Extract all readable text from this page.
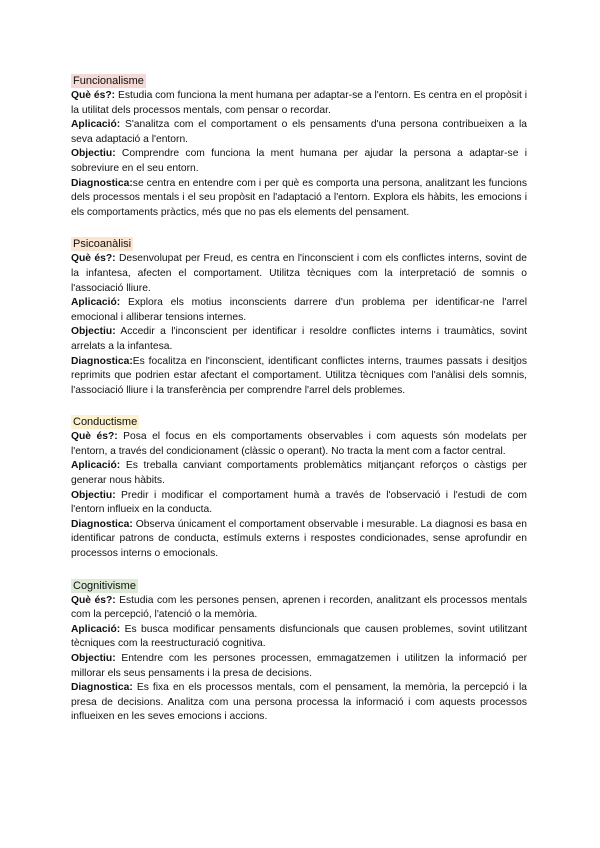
Funcionalisme

Què és?: Estudia com funciona la ment humana per adaptar-se a l'entorn. Es centra en el propòsit i la utilitat dels processos mentals, com pensar o recordar.

Aplicació: S'analitza com el comportament o els pensaments d'una persona contribueixen a la seva adaptació a l'entorn.

Objectiu: Comprendre com funciona la ment humana per ajudar la persona a adaptar-se i sobreviure en el seu entorn.

Diagnostica:se centra en entendre com i per què es comporta una persona, analitzant les funcions dels processos mentals i el seu propòsit en l'adaptació a l'entorn. Explora els hàbits, les emocions i els comportaments pràctics, més que no pas els elements del pensament.

Psicoanàlisi

Què és?: Desenvolupat per Freud, es centra en l'inconscient i com els conflictes interns, sovint de la infantesa, afecten el comportament. Utilitza tècniques com la interpretació de somnis o l'associació lliure.

Aplicació: Explora els motius inconscients darrere d'un problema per identificar-ne l'arrel emocional i alliberar tensions internes.

Objectiu: Accedir a l'inconscient per identificar i resoldre conflictes interns i traumàtics, sovint arrelats a la infantesa.

Diagnostica:Es focalitza en l'inconscient, identificant conflictes interns, traumes passats i desitjos reprimits que podrien estar afectant el comportament. Utilitza tècniques com l'anàlisi dels somnis, l'associació lliure i la transferència per comprendre l'arrel dels problemes.

Conductisme

Què és?: Posa el focus en els comportaments observables i com aquests són modelats per l'entorn, a través del condicionament (clàssic o operant). No tracta la ment com a factor central.

Aplicació: Es treballa canviant comportaments problemàtics mitjançant reforços o càstigs per generar nous hàbits.

Objectiu: Predir i modificar el comportament humà a través de l'observació i l'estudi de com l'entorn influeix en la conducta.

Diagnostica: Observa únicament el comportament observable i mesurable. La diagnosi es basa en identificar patrons de conducta, estímuls externs i respostes condicionades, sense aprofundir en processos interns o emocionals.

Cognitivisme

Què és?: Estudia com les persones pensen, aprenen i recorden, analitzant els processos mentals com la percepció, l'atenció o la memòria.

Aplicació: Es busca modificar pensaments disfuncionals que causen problemes, sovint utilitzant tècniques com la reestructuració cognitiva.

Objectiu: Entendre com les persones processen, emmagatzemen i utilitzen la informació per millorar els seus pensaments i la presa de decisions.

Diagnostica: Es fixa en els processos mentals, com el pensament, la memòria, la percepció i la presa de decisions. Analitza com una persona processa la informació i com aquests processos influeixen en les seves emocions i accions.
